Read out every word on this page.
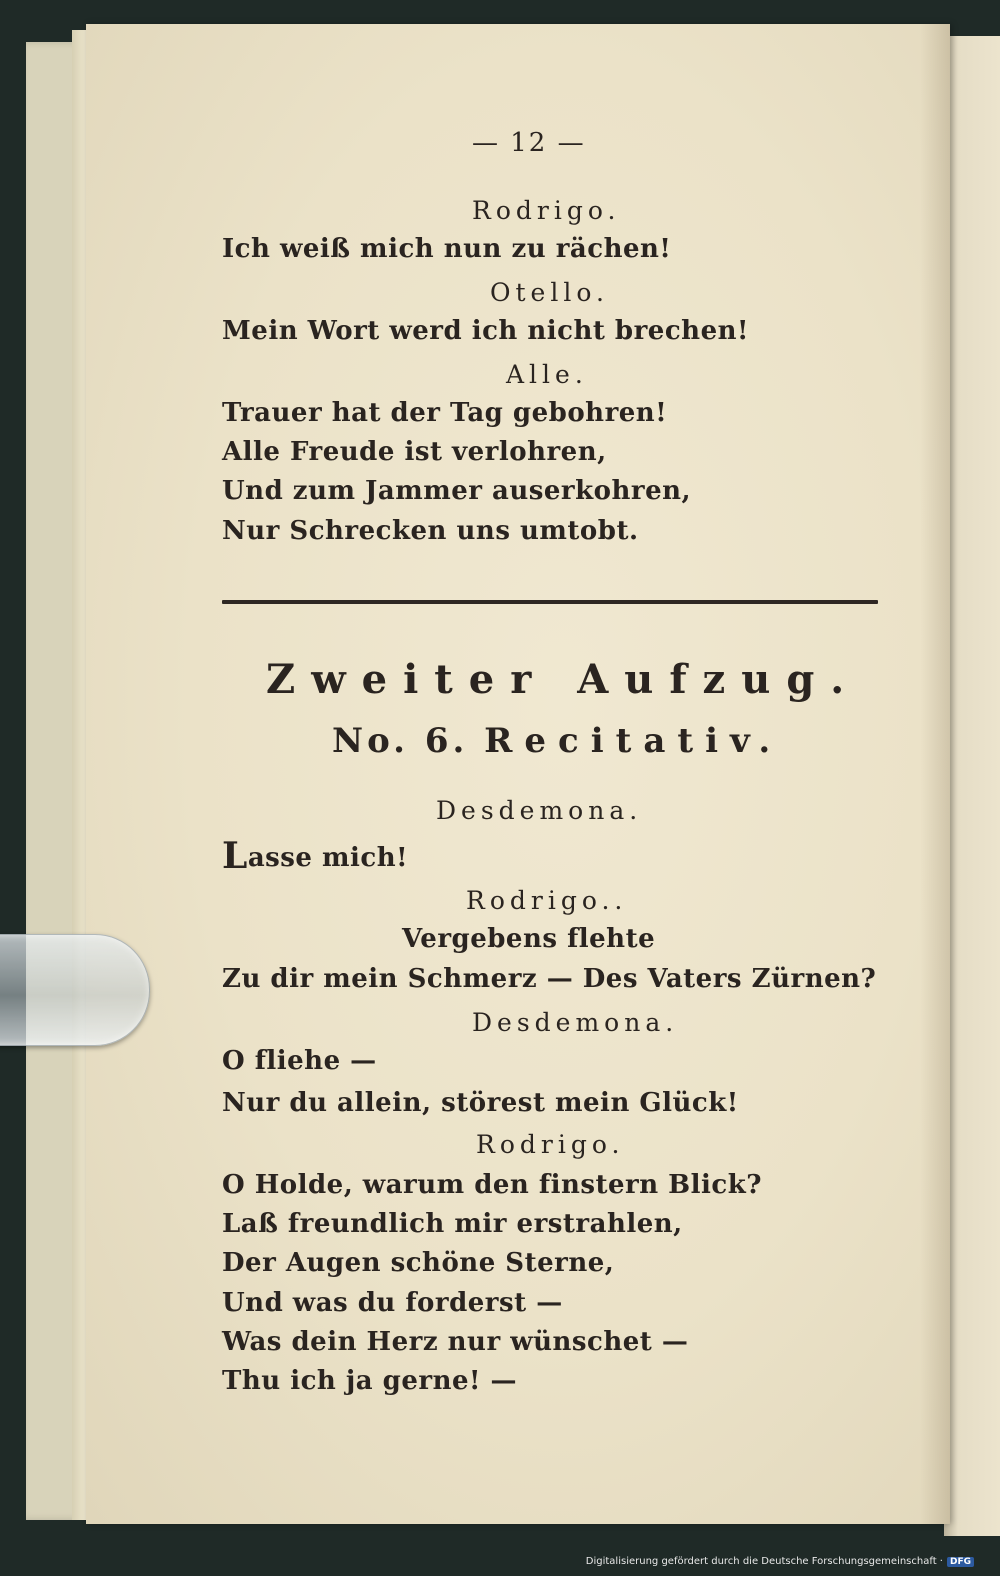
— 12 —

Rodrigo.

Ich weiß mich nun zu rächen!

Otello.

Mein Wort werd ich nicht brechen!

Alle.

Trauer hat der Tag gebohren!

Alle Freude ist verlohren,

Und zum Jammer auserkohren,

Nur Schrecken uns umtobt.

Zweiter Aufzug.

No. 6. Recitativ.

Desdemona.

Lasse mich!

Rodrigo..

Vergebens flehte

Zu dir mein Schmerz — Des Vaters Zürnen?

Desdemona.

O fliehe —

Nur du allein, störest mein Glück!

Rodrigo.

O Holde, warum den finstern Blick?

Laß freundlich mir erstrahlen,

Der Augen schöne Sterne,

Und was du forderst —

Was dein Herz nur wünschet —

Thu ich ja gerne! —

Digitalisierung gefördert durch die Deutsche Forschungsgemeinschaft · DFG
